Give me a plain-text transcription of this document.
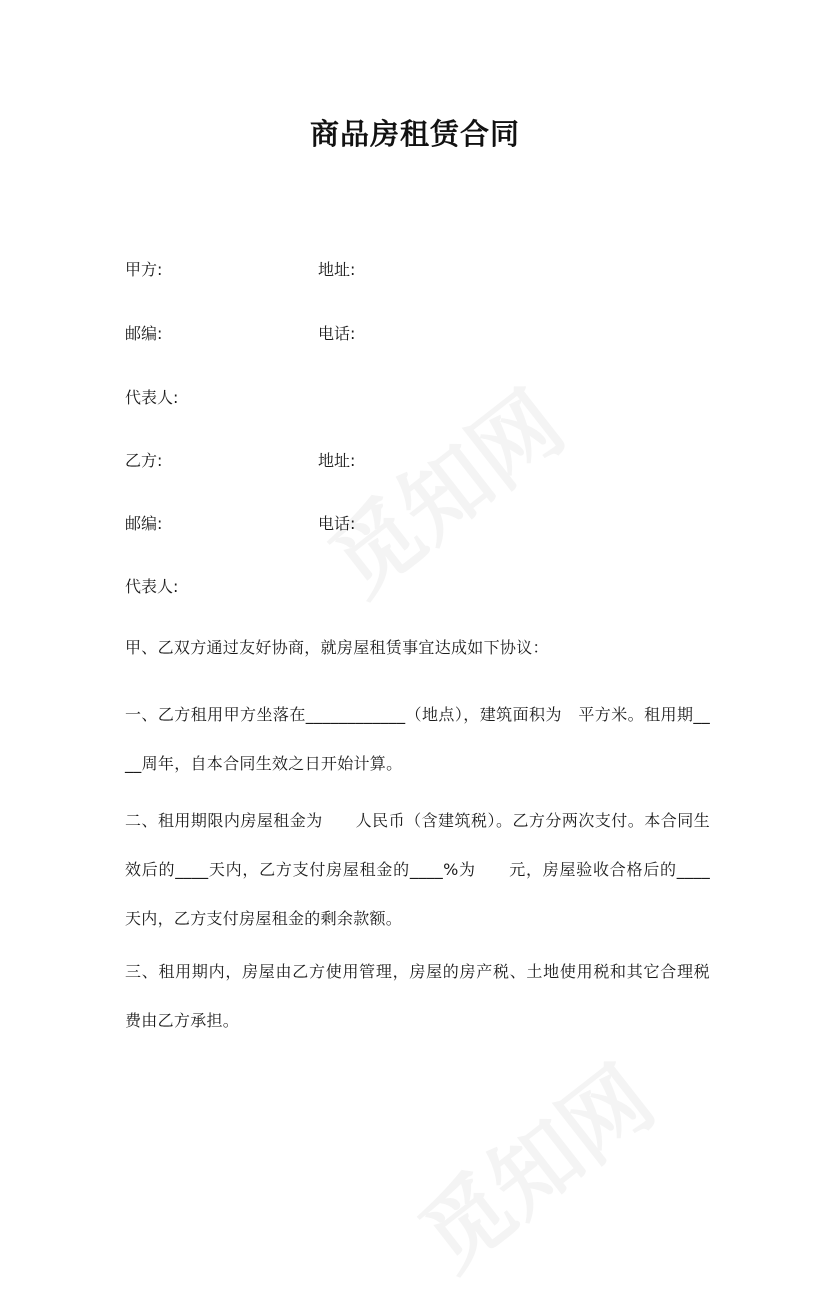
商品房租赁合同
甲方:	地址:
邮编:	电话:
代表人:
乙方:	地址:
邮编:	电话:
代表人:
甲、乙双方通过友好协商，就房屋租赁事宜达成如下协议：
一、乙方租用甲方坐落在____________（地点），建筑面积为　平方米。租用期____周年，自本合同生效之日开始计算。
二、租用期限内房屋租金为　　人民币（含建筑税）。乙方分两次支付。本合同生效后的____天内，乙方支付房屋租金的____%为　　元，房屋验收合格后的____天内，乙方支付房屋租金的剩余款额。
三、租用期内，房屋由乙方使用管理，房屋的房产税、土地使用税和其它合理税费由乙方承担。
